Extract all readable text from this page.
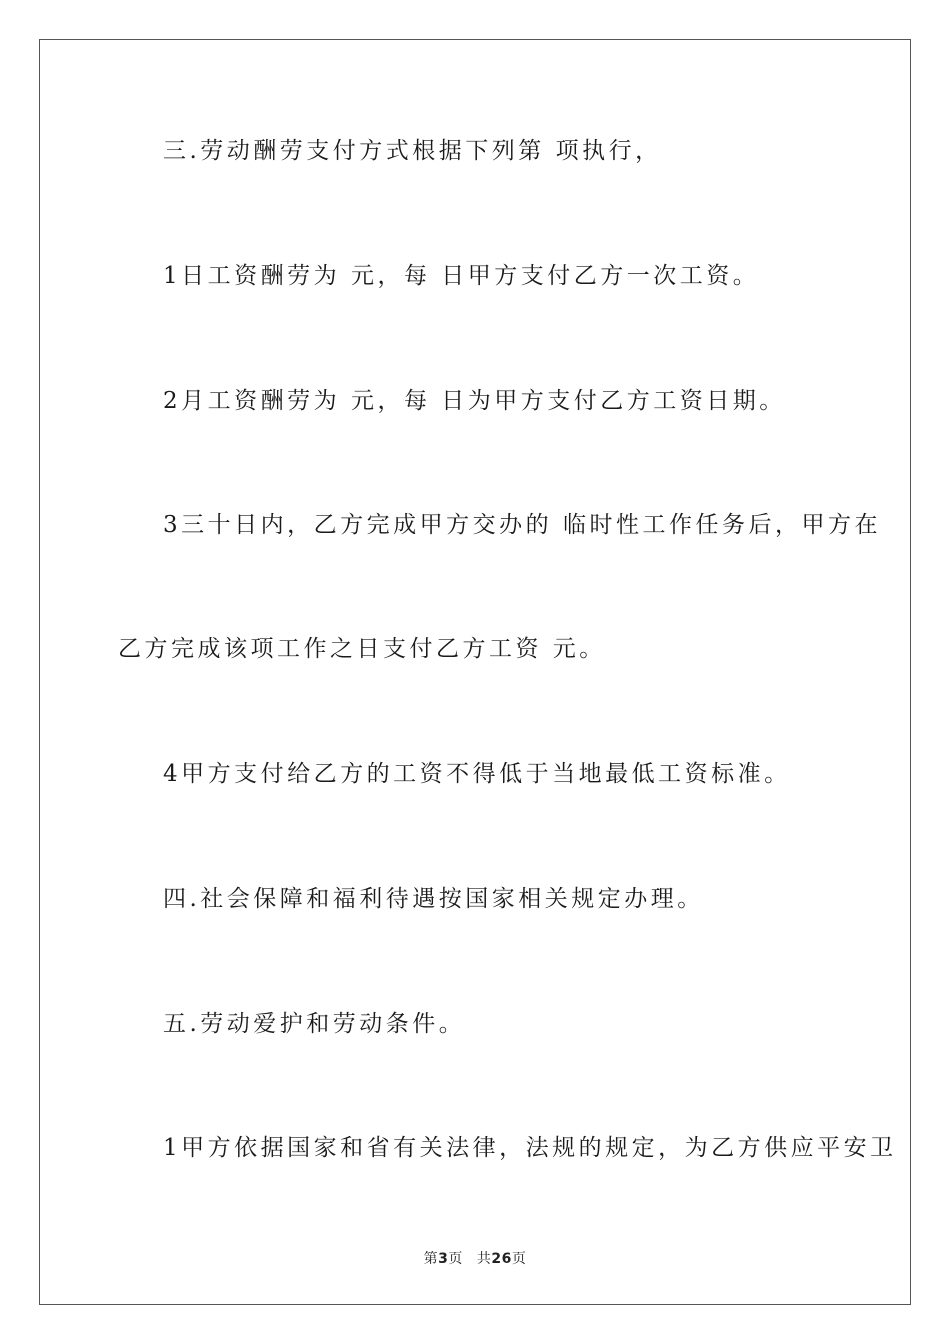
三.劳动酬劳支付方式根据下列第 项执行，
1日工资酬劳为 元，每 日甲方支付乙方一次工资。
2月工资酬劳为 元，每 日为甲方支付乙方工资日期。
3三十日内，乙方完成甲方交办的 临时性工作任务后，甲方在
乙方完成该项工作之日支付乙方工资 元。
4甲方支付给乙方的工资不得低于当地最低工资标准。
四.社会保障和福利待遇按国家相关规定办理。
五.劳动爱护和劳动条件。
1甲方依据国家和省有关法律，法规的规定，为乙方供应平安卫
第3页 共26页
